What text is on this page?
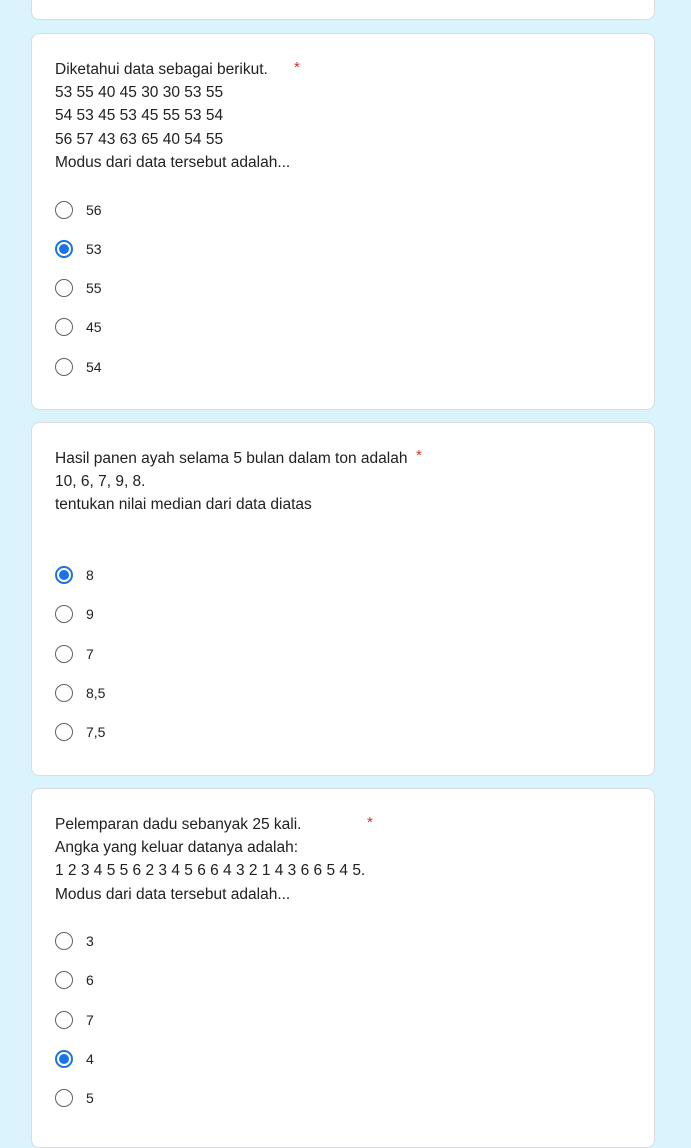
Diketahui data sebagai berikut.
53 55 40 45 30 30 53 55
54 53 45 53 45 55 53 54
56 57 43 63 65 40 54 55
Modus dari data tersebut adalah...
*
56
53
55
45
54
Hasil panen ayah selama 5 bulan dalam ton adalah
10, 6, 7, 9, 8.
tentukan nilai median dari data diatas
*
8
9
7
8,5
7,5
Pelemparan dadu sebanyak 25 kali.
Angka yang keluar datanya adalah:
1 2 3 4 5 5 6 2 3 4 5 6 6 4 3 2 1 4 3 6 6 5 4 5.
Modus dari data tersebut adalah...
*
3
6
7
4
5
